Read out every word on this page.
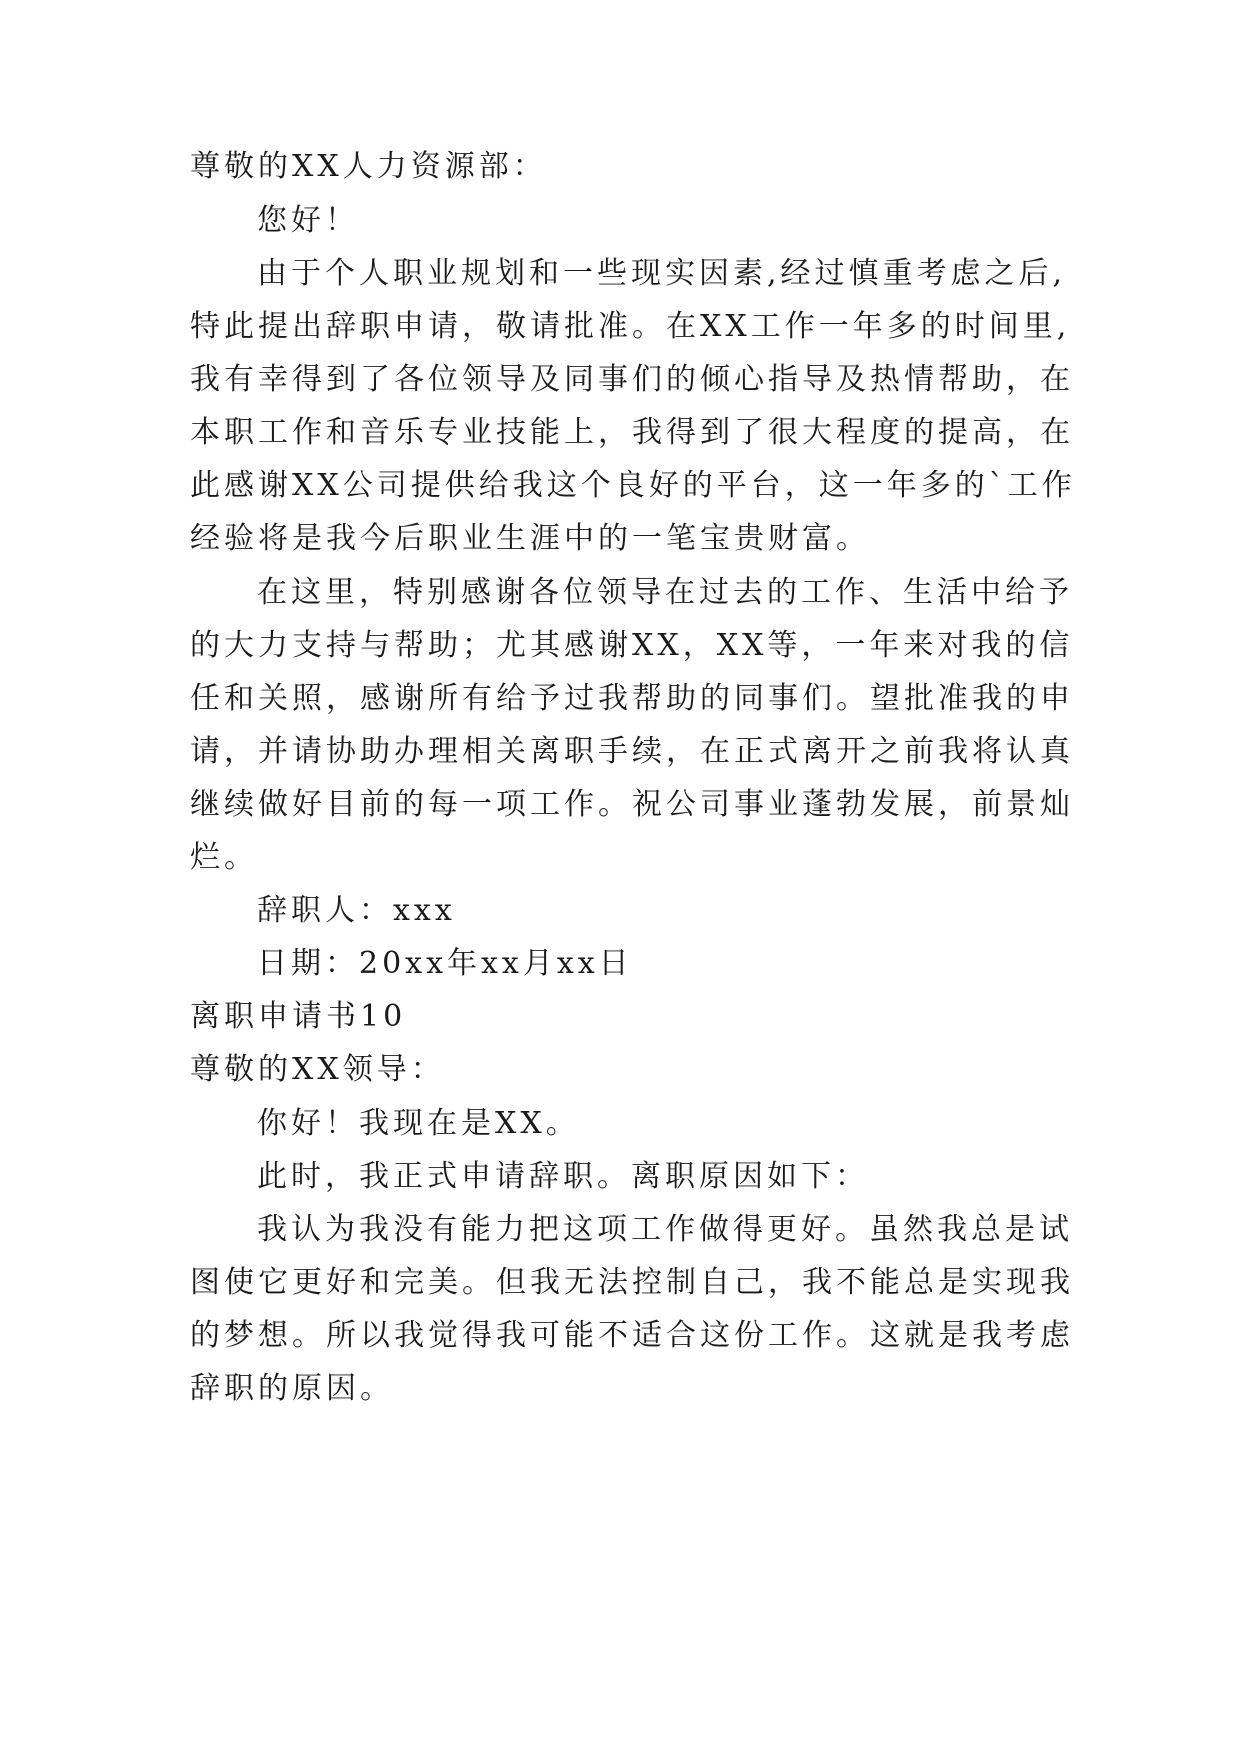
尊敬的XX人力资源部：
您好！
由于个人职业规划和一些现实因素,经过慎重考虑之后,
特此提出辞职申请，敬请批准。在XX工作一年多的时间里,
我有幸得到了各位领导及同事们的倾心指导及热情帮助，在
本职工作和音乐专业技能上，我得到了很大程度的提高，在
此感谢XX公司提供给我这个良好的平台，这一年多的`工作
经验将是我今后职业生涯中的一笔宝贵财富。
在这里，特别感谢各位领导在过去的工作、生活中给予
的大力支持与帮助；尤其感谢XX，XX等，一年来对我的信
任和关照，感谢所有给予过我帮助的同事们。望批准我的申
请，并请协助办理相关离职手续，在正式离开之前我将认真
继续做好目前的每一项工作。祝公司事业蓬勃发展，前景灿
烂。
辞职人：xxx
日期：20xx年xx月xx日
离职申请书10
尊敬的XX领导：
你好！我现在是XX。
此时，我正式申请辞职。离职原因如下：
我认为我没有能力把这项工作做得更好。虽然我总是试
图使它更好和完美。但我无法控制自己，我不能总是实现我
的梦想。所以我觉得我可能不适合这份工作。这就是我考虑
辞职的原因。
